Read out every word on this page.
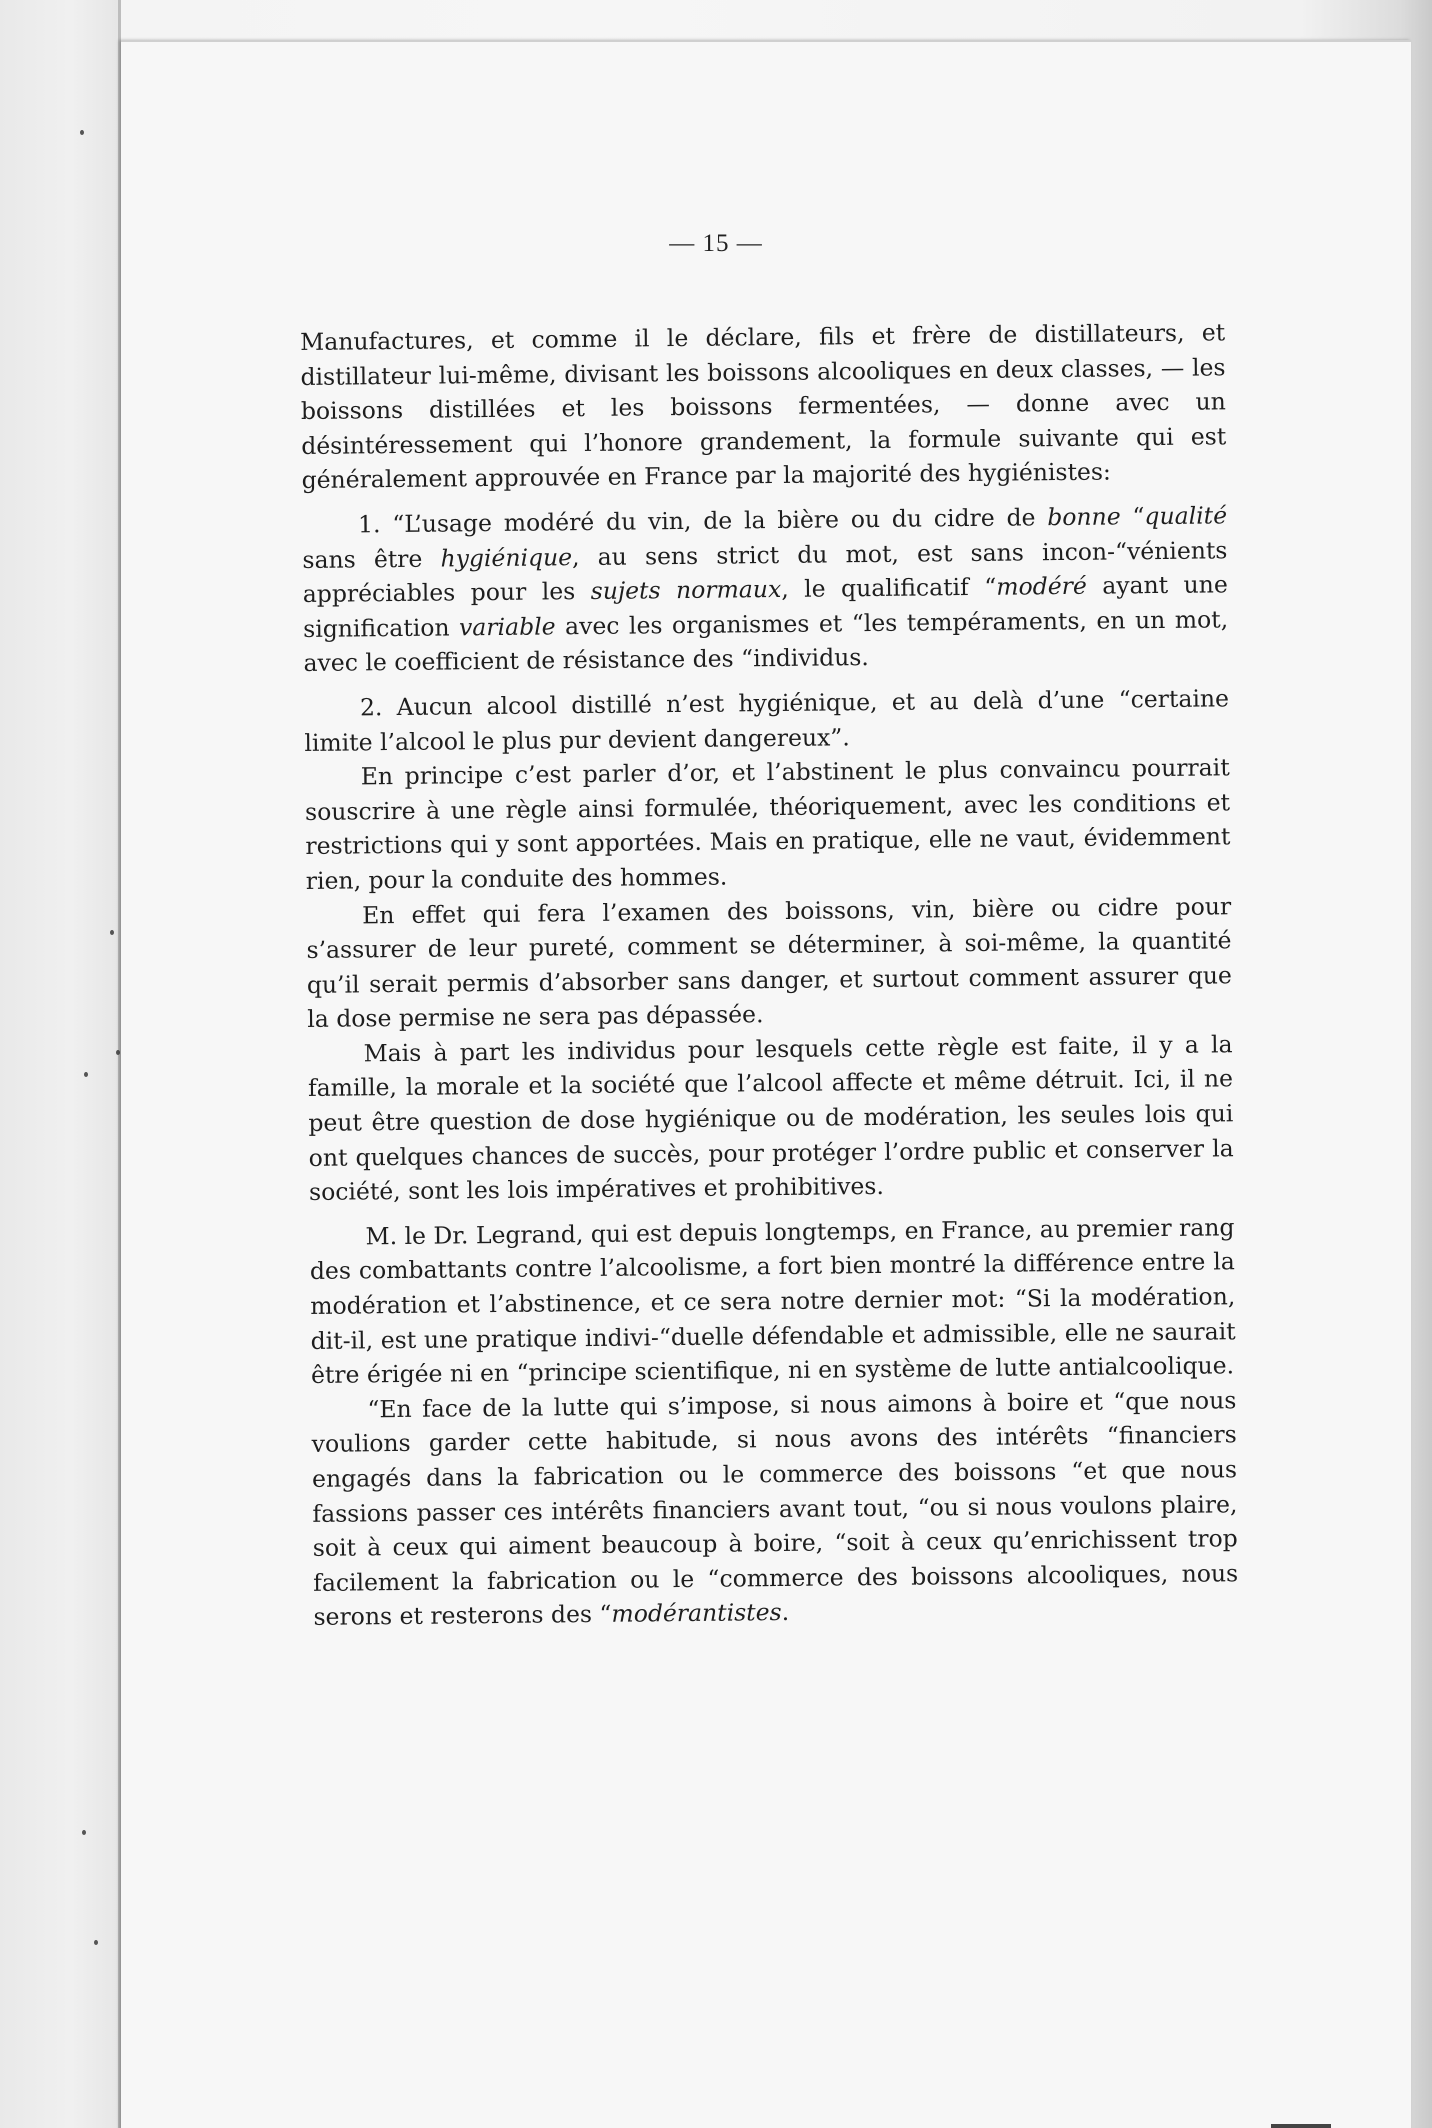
— 15 —

Manufactures, et comme il le déclare, fils et frère de distillateurs, et distillateur lui-même, divisant les boissons alcooliques en deux classes, — les boissons distillées et les boissons fermentées, — donne avec un désintéressement qui l’honore grandement, la formule suivante qui est généralement approuvée en France par la majorité des hygiénistes:

1. “L’usage modéré du vin, de la bière ou du cidre de bonne “qualité sans être hygiénique, au sens strict du mot, est sans incon-“vénients appréciables pour les sujets normaux, le qualificatif “modéré ayant une signification variable avec les organismes et “les tempéraments, en un mot, avec le coefficient de résistance des “individus.

2. Aucun alcool distillé n’est hygiénique, et au delà d’une “certaine limite l’alcool le plus pur devient dangereux”.

En principe c’est parler d’or, et l’abstinent le plus convaincu pourrait souscrire à une règle ainsi formulée, théoriquement, avec les conditions et restrictions qui y sont apportées. Mais en pratique, elle ne vaut, évidemment rien, pour la conduite des hommes.

En effet qui fera l’examen des boissons, vin, bière ou cidre pour s’assurer de leur pureté, comment se déterminer, à soi-même, la quantité qu’il serait permis d’absorber sans danger, et surtout comment assurer que la dose permise ne sera pas dépassée.

Mais à part les individus pour lesquels cette règle est faite, il y a la famille, la morale et la société que l’alcool affecte et même détruit. Ici, il ne peut être question de dose hygiénique ou de modération, les seules lois qui ont quelques chances de succès, pour protéger l’ordre public et conserver la société, sont les lois impératives et prohibitives.

M. le Dr. Legrand, qui est depuis longtemps, en France, au premier rang des combattants contre l’alcoolisme, a fort bien montré la différence entre la modération et l’abstinence, et ce sera notre dernier mot: “Si la modération, dit-il, est une pratique indivi-“duelle défendable et admissible, elle ne saurait être érigée ni en “principe scientifique, ni en système de lutte antialcoolique.

“En face de la lutte qui s’impose, si nous aimons à boire et “que nous voulions garder cette habitude, si nous avons des intérêts “financiers engagés dans la fabrication ou le commerce des boissons “et que nous fassions passer ces intérêts financiers avant tout, “ou si nous voulons plaire, soit à ceux qui aiment beaucoup à boire, “soit à ceux qu’enrichissent trop facilement la fabrication ou le “commerce des boissons alcooliques, nous serons et resterons des “modérantistes.
